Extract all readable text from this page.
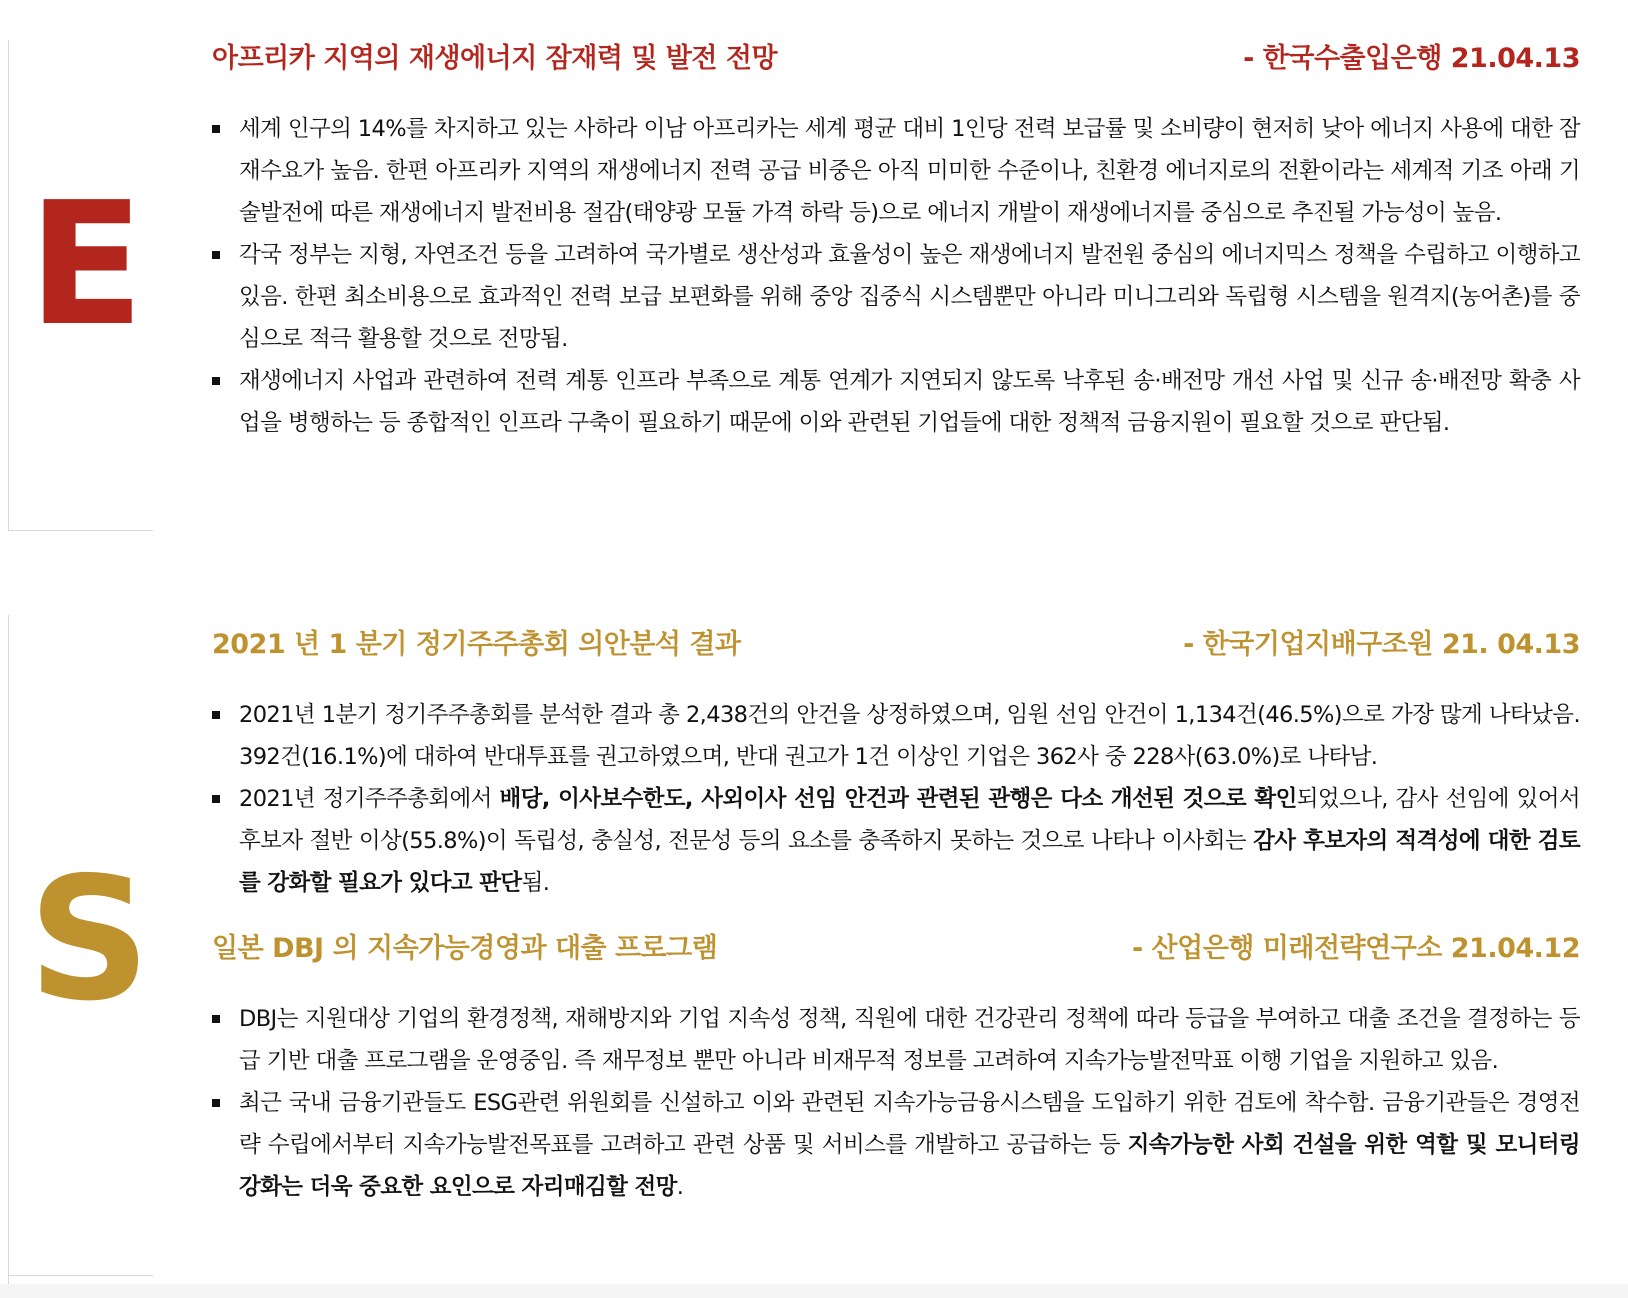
E
아프리카 지역의 재생에너지 잠재력 및 발전 전망	- 한국수출입은행 21.04.13
세계 인구의 14%를 차지하고 있는 사하라 이남 아프리카는 세계 평균 대비 1인당 전력 보급률 및 소비량이 현저히 낮아 에너지 사용에 대한 잠재수요가 높음. 한편 아프리카 지역의 재생에너지 전력 공급 비중은 아직 미미한 수준이나, 친환경 에너지로의 전환이라는 세계적 기조 아래 기술발전에 따른 재생에너지 발전비용 절감(태양광 모듈 가격 하락 등)으로 에너지 개발이 재생에너지를 중심으로 추진될 가능성이 높음.
각국 정부는 지형, 자연조건 등을 고려하여 국가별로 생산성과 효율성이 높은 재생에너지 발전원 중심의 에너지믹스 정책을 수립하고 이행하고 있음. 한편 최소비용으로 효과적인 전력 보급 보편화를 위해 중앙 집중식 시스템뿐만 아니라 미니그리와 독립형 시스템을 원격지(농어촌)를 중심으로 적극 활용할 것으로 전망됨.
재생에너지 사업과 관련하여 전력 계통 인프라 부족으로 계통 연계가 지연되지 않도록 낙후된 송·배전망 개선 사업 및 신규 송·배전망 확충 사업을 병행하는 등 종합적인 인프라 구축이 필요하기 때문에 이와 관련된 기업들에 대한 정책적 금융지원이 필요할 것으로 판단됨.
S
2021 년 1 분기 정기주주총회 의안분석 결과	- 한국기업지배구조원 21. 04.13
2021년 1분기 정기주주총회를 분석한 결과 총 2,438건의 안건을 상정하였으며, 임원 선임 안건이 1,134건(46.5%)으로 가장 많게 나타났음. 392건(16.1%)에 대하여 반대투표를 권고하였으며, 반대 권고가 1건 이상인 기업은 362사 중 228사(63.0%)로 나타남.
2021년 정기주주총회에서 배당, 이사보수한도, 사외이사 선임 안건과 관련된 관행은 다소 개선된 것으로 확인되었으나, 감사 선임에 있어서 후보자 절반 이상(55.8%)이 독립성, 충실성, 전문성 등의 요소를 충족하지 못하는 것으로 나타나 이사회는 감사 후보자의 적격성에 대한 검토를 강화할 필요가 있다고 판단됨.
일본 DBJ 의 지속가능경영과 대출 프로그램	- 산업은행 미래전략연구소 21.04.12
DBJ는 지원대상 기업의 환경정책, 재해방지와 기업 지속성 정책, 직원에 대한 건강관리 정책에 따라 등급을 부여하고 대출 조건을 결정하는 등급 기반 대출 프로그램을 운영중임. 즉 재무정보 뿐만 아니라 비재무적 정보를 고려하여 지속가능발전막표 이행 기업을 지원하고 있음.
최근 국내 금융기관들도 ESG관련 위원회를 신설하고 이와 관련된 지속가능금융시스템을 도입하기 위한 검토에 착수함. 금융기관들은 경영전략 수립에서부터 지속가능발전목표를 고려하고 관련 상품 및 서비스를 개발하고 공급하는 등 지속가능한 사회 건설을 위한 역할 및 모니터링 강화는 더욱 중요한 요인으로 자리매김할 전망.
